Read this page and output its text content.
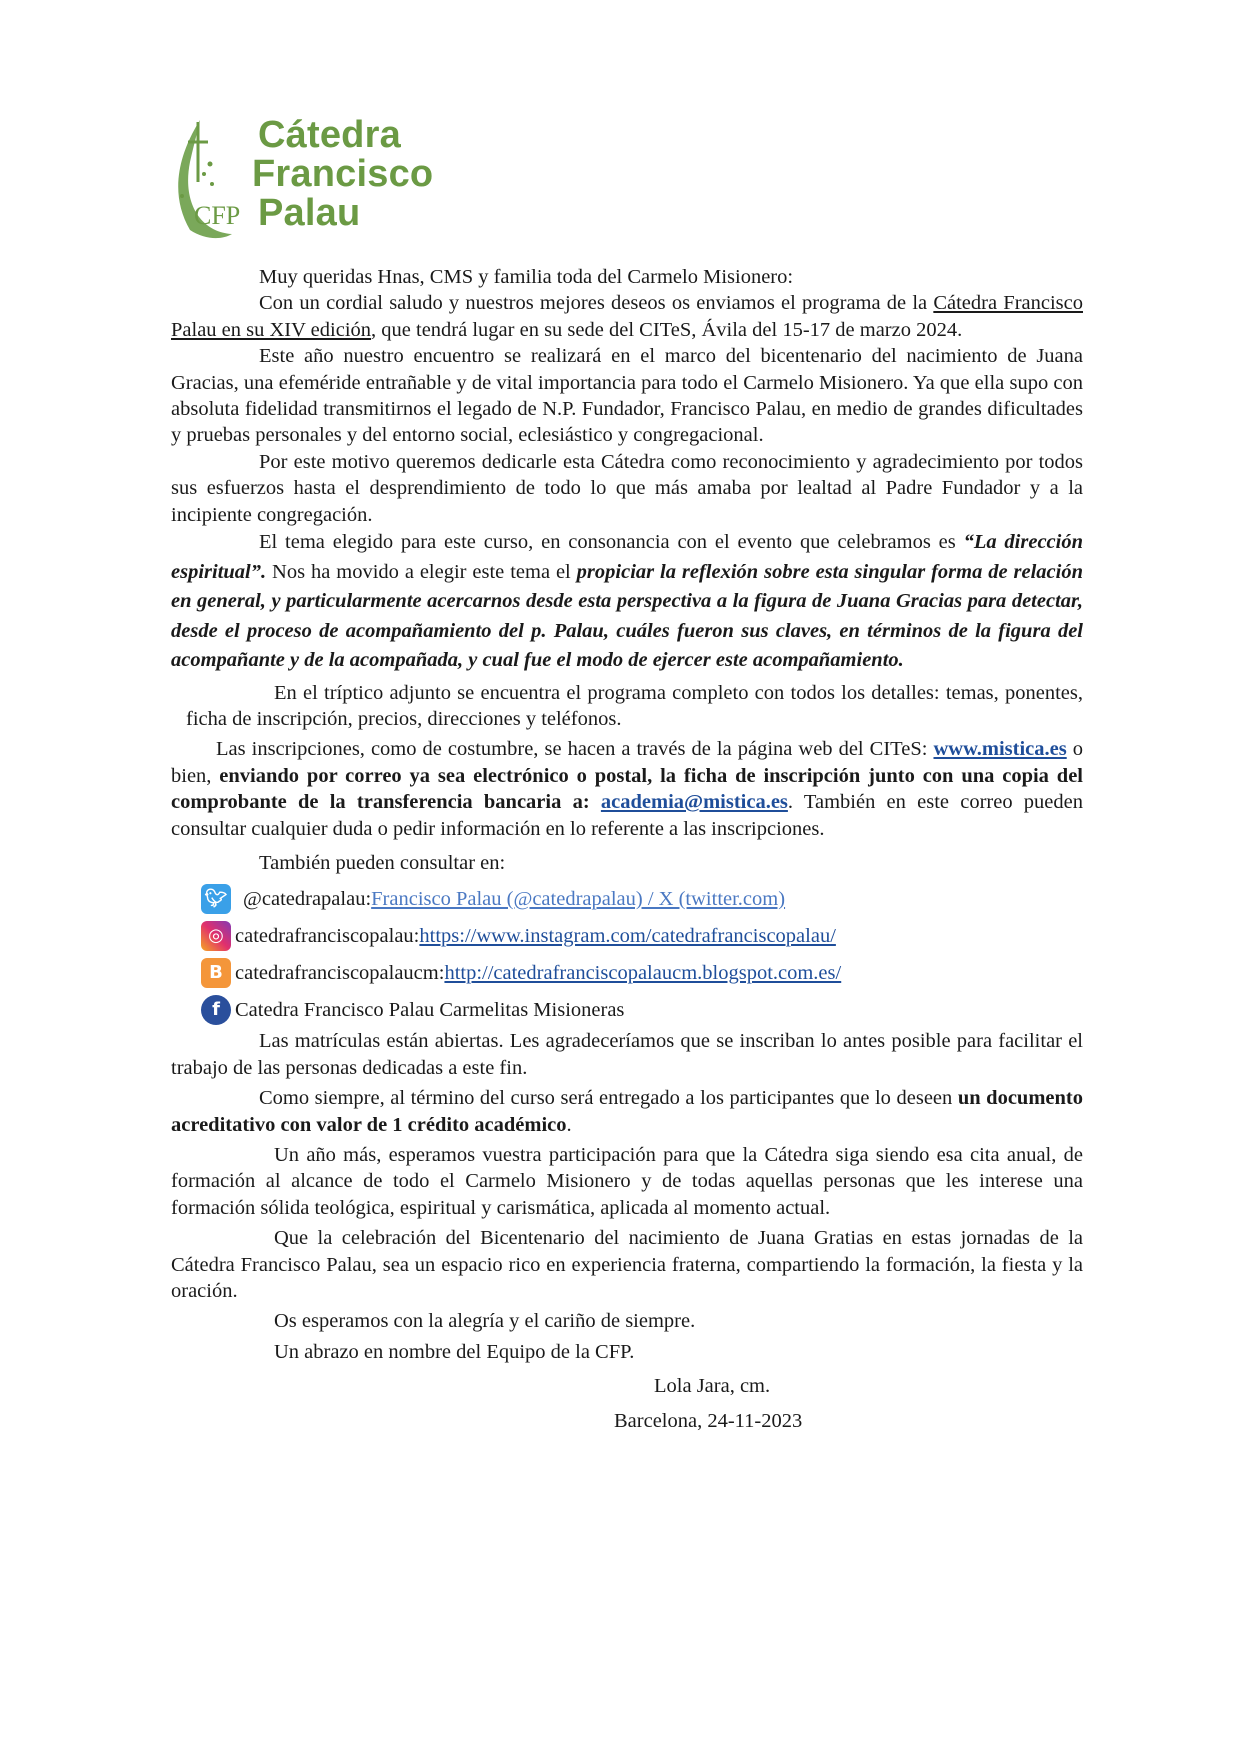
CFP
Cátedra
Francisco
Palau

Muy queridas Hnas, CMS y familia toda del Carmelo Misionero:

Con un cordial saludo y nuestros mejores deseos os enviamos el programa de la Cátedra Francisco Palau en su XIV edición, que tendrá lugar en su sede del CITeS, Ávila del 15-17 de marzo 2024.

Este año nuestro encuentro se realizará en el marco del bicentenario del nacimiento de Juana Gracias, una efeméride entrañable y de vital importancia para todo el Carmelo Misionero. Ya que ella supo con absoluta fidelidad transmitirnos el legado de N.P. Fundador, Francisco Palau, en medio de grandes dificultades y pruebas personales y del entorno social, eclesiástico y congregacional.

Por este motivo queremos dedicarle esta Cátedra como reconocimiento y agradecimiento por todos sus esfuerzos hasta el desprendimiento de todo lo que más amaba por lealtad al Padre Fundador y a la incipiente congregación.

El tema elegido para este curso, en consonancia con el evento que celebramos es “La dirección espiritual”. Nos ha movido a elegir este tema el propiciar la reflexión sobre esta singular forma de relación en general, y particularmente acercarnos desde esta perspectiva a la figura de Juana Gracias para detectar, desde el proceso de acompañamiento del p. Palau, cuáles fueron sus claves, en términos de la figura del acompañante y de la acompañada, y cual fue el modo de ejercer este acompañamiento.

En el tríptico adjunto se encuentra el programa completo con todos los detalles: temas, ponentes, ficha de inscripción, precios, direcciones y teléfonos.

Las inscripciones, como de costumbre, se hacen a través de la página web del CITeS: www.mistica.es o bien, enviando por correo ya sea electrónico o postal, la ficha de inscripción junto con una copia del comprobante de la transferencia bancaria a: academia@mistica.es. También en este correo pueden consultar cualquier duda o pedir información en lo referente a las inscripciones.

También pueden consultar en:

🐦︎ @catedrapalau: Francisco Palau (@catedrapalau) / X (twitter.com)
◎ catedrafranciscopalau: https://www.instagram.com/catedrafranciscopalau/
B catedrafranciscopalaucm: http://catedrafranciscopalaucm.blogspot.com.es/
f Catedra Francisco Palau Carmelitas Misioneras

Las matrículas están abiertas. Les agradeceríamos que se inscriban lo antes posible para facilitar el trabajo de las personas dedicadas a este fin.

Como siempre, al término del curso será entregado a los participantes que lo deseen un documento acreditativo con valor de 1 crédito académico.

Un año más, esperamos vuestra participación para que la Cátedra siga siendo esa cita anual, de formación al alcance de todo el Carmelo Misionero y de todas aquellas personas que les interese una formación sólida teológica, espiritual y carismática, aplicada al momento actual.

Que la celebración del Bicentenario del nacimiento de Juana Gratias en estas jornadas de la Cátedra Francisco Palau, sea un espacio rico en experiencia fraterna, compartiendo la formación, la fiesta y la oración.

Os esperamos con la alegría y el cariño de siempre.

Un abrazo en nombre del Equipo de la CFP.

Lola Jara, cm.

Barcelona, 24-11-2023
